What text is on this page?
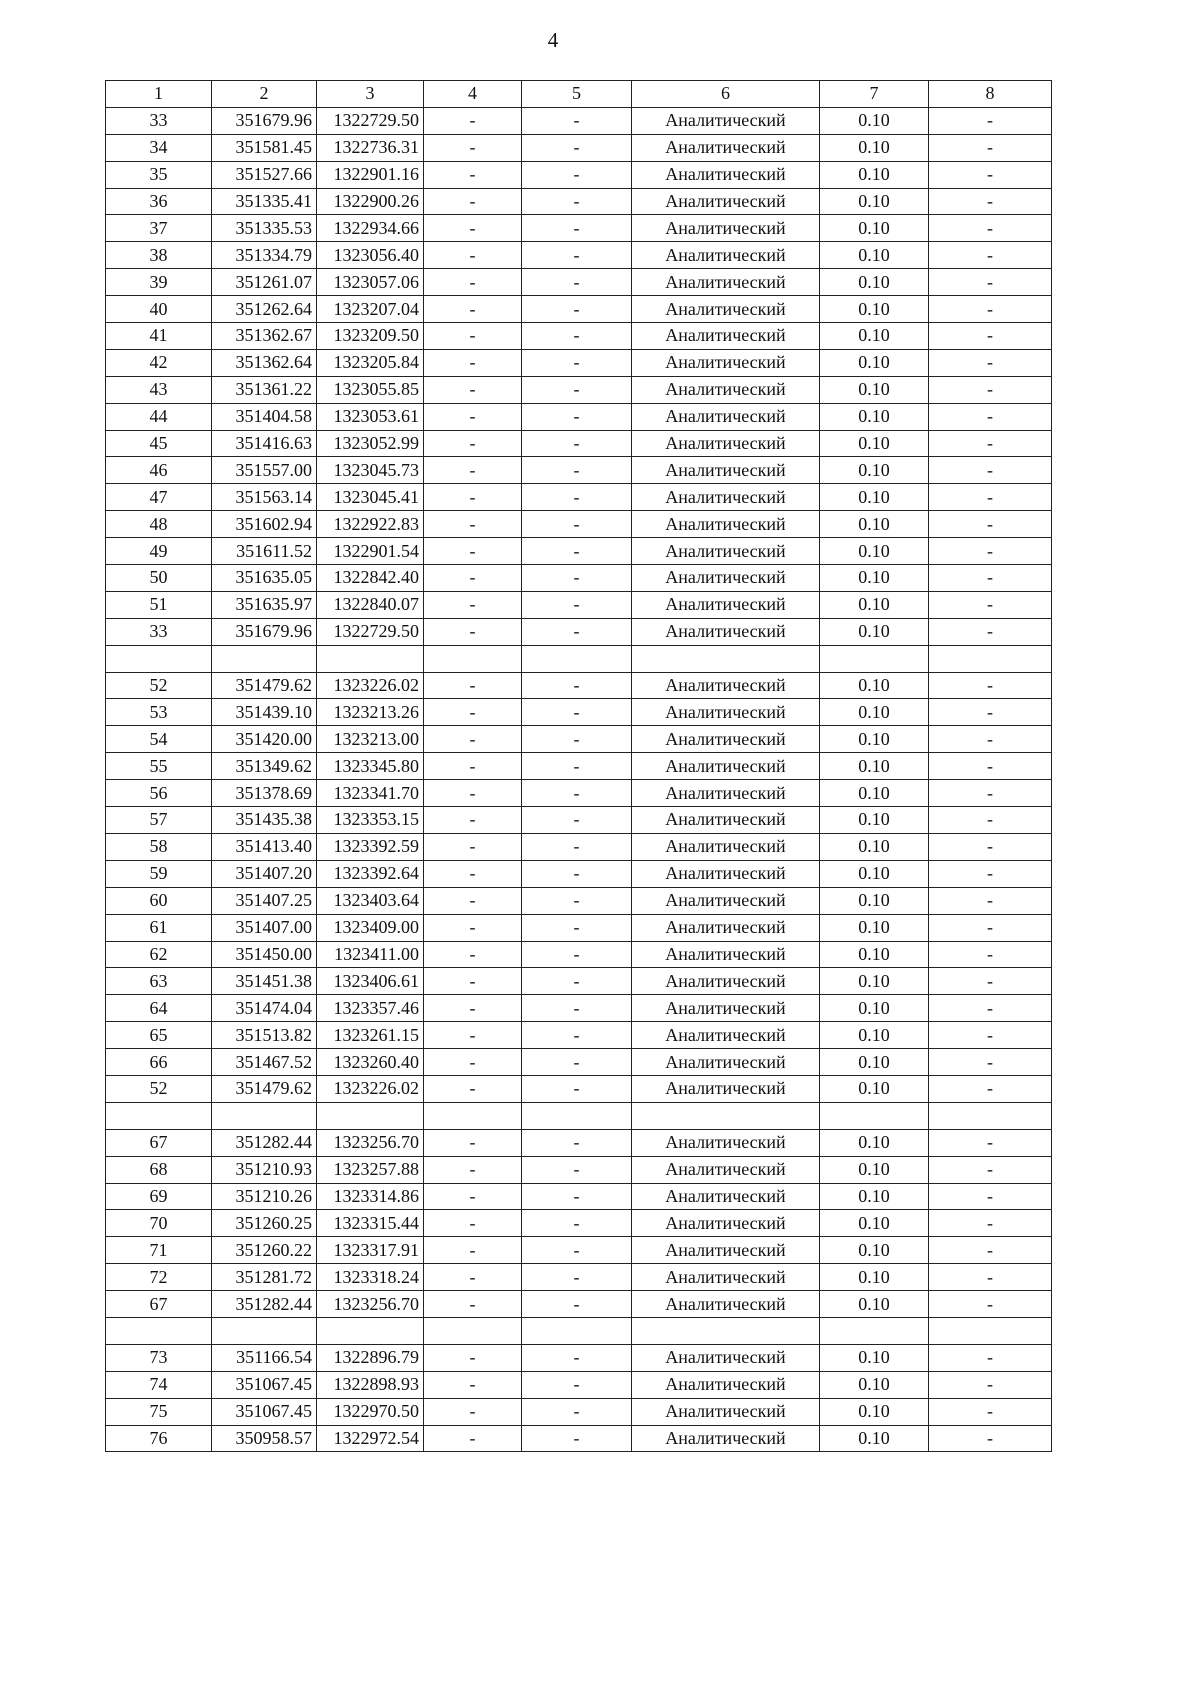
4
1	2	3	4	5	6	7	8
33	351679.96	1322729.50	-	-	Аналитический	0.10	-
34	351581.45	1322736.31	-	-	Аналитический	0.10	-
35	351527.66	1322901.16	-	-	Аналитический	0.10	-
36	351335.41	1322900.26	-	-	Аналитический	0.10	-
37	351335.53	1322934.66	-	-	Аналитический	0.10	-
38	351334.79	1323056.40	-	-	Аналитический	0.10	-
39	351261.07	1323057.06	-	-	Аналитический	0.10	-
40	351262.64	1323207.04	-	-	Аналитический	0.10	-
41	351362.67	1323209.50	-	-	Аналитический	0.10	-
42	351362.64	1323205.84	-	-	Аналитический	0.10	-
43	351361.22	1323055.85	-	-	Аналитический	0.10	-
44	351404.58	1323053.61	-	-	Аналитический	0.10	-
45	351416.63	1323052.99	-	-	Аналитический	0.10	-
46	351557.00	1323045.73	-	-	Аналитический	0.10	-
47	351563.14	1323045.41	-	-	Аналитический	0.10	-
48	351602.94	1322922.83	-	-	Аналитический	0.10	-
49	351611.52	1322901.54	-	-	Аналитический	0.10	-
50	351635.05	1322842.40	-	-	Аналитический	0.10	-
51	351635.97	1322840.07	-	-	Аналитический	0.10	-
33	351679.96	1322729.50	-	-	Аналитический	0.10	-

52	351479.62	1323226.02	-	-	Аналитический	0.10	-
53	351439.10	1323213.26	-	-	Аналитический	0.10	-
54	351420.00	1323213.00	-	-	Аналитический	0.10	-
55	351349.62	1323345.80	-	-	Аналитический	0.10	-
56	351378.69	1323341.70	-	-	Аналитический	0.10	-
57	351435.38	1323353.15	-	-	Аналитический	0.10	-
58	351413.40	1323392.59	-	-	Аналитический	0.10	-
59	351407.20	1323392.64	-	-	Аналитический	0.10	-
60	351407.25	1323403.64	-	-	Аналитический	0.10	-
61	351407.00	1323409.00	-	-	Аналитический	0.10	-
62	351450.00	1323411.00	-	-	Аналитический	0.10	-
63	351451.38	1323406.61	-	-	Аналитический	0.10	-
64	351474.04	1323357.46	-	-	Аналитический	0.10	-
65	351513.82	1323261.15	-	-	Аналитический	0.10	-
66	351467.52	1323260.40	-	-	Аналитический	0.10	-
52	351479.62	1323226.02	-	-	Аналитический	0.10	-

67	351282.44	1323256.70	-	-	Аналитический	0.10	-
68	351210.93	1323257.88	-	-	Аналитический	0.10	-
69	351210.26	1323314.86	-	-	Аналитический	0.10	-
70	351260.25	1323315.44	-	-	Аналитический	0.10	-
71	351260.22	1323317.91	-	-	Аналитический	0.10	-
72	351281.72	1323318.24	-	-	Аналитический	0.10	-
67	351282.44	1323256.70	-	-	Аналитический	0.10	-

73	351166.54	1322896.79	-	-	Аналитический	0.10	-
74	351067.45	1322898.93	-	-	Аналитический	0.10	-
75	351067.45	1322970.50	-	-	Аналитический	0.10	-
76	350958.57	1322972.54	-	-	Аналитический	0.10	-
